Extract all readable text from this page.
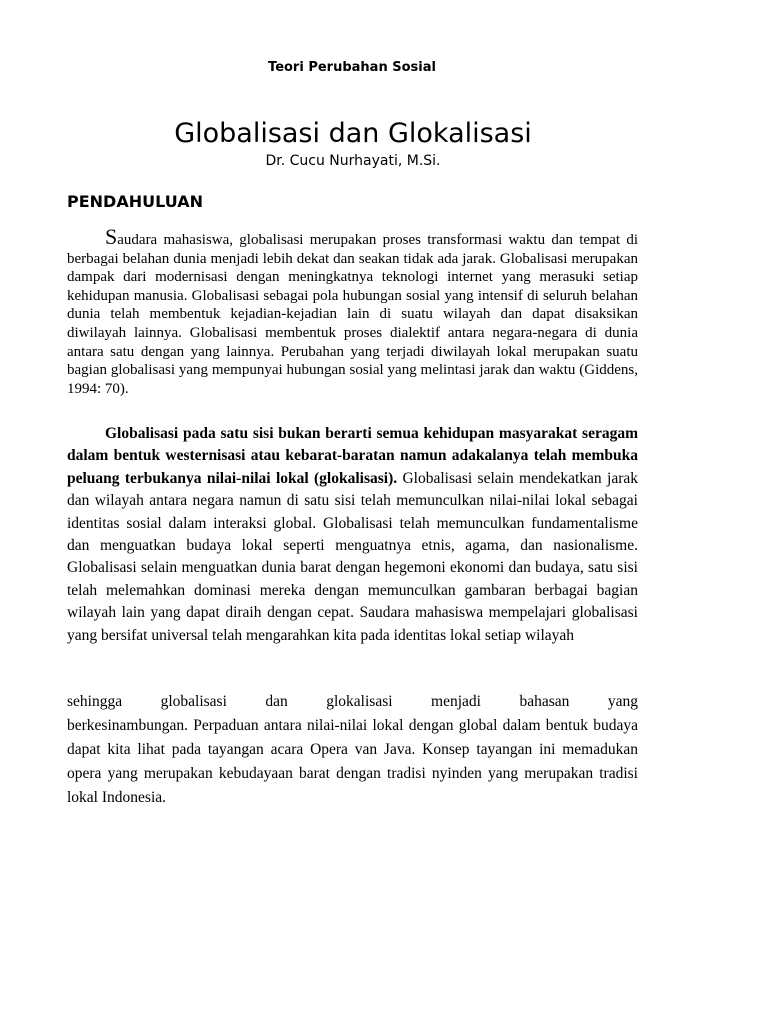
Teori Perubahan Sosial
Globalisasi dan Glokalisasi
Dr. Cucu Nurhayati, M.Si.
PENDAHULUAN

Saudara mahasiswa, globalisasi merupakan proses transformasi waktu dan tempat di berbagai belahan dunia menjadi lebih dekat dan seakan tidak ada jarak. Globalisasi merupakan dampak dari modernisasi dengan meningkatnya teknologi internet yang merasuki setiap kehidupan manusia. Globalisasi sebagai pola hubungan sosial yang intensif di seluruh belahan dunia telah membentuk kejadian-kejadian lain di suatu wilayah dan dapat disaksikan diwilayah lainnya. Globalisasi membentuk proses dialektif antara negara-negara di dunia antara satu dengan yang lainnya. Perubahan yang terjadi diwilayah lokal merupakan suatu bagian globalisasi yang mempunyai hubungan sosial yang melintasi jarak dan waktu (Giddens, 1994: 70).

Globalisasi pada satu sisi bukan berarti semua kehidupan masyarakat seragam dalam bentuk westernisasi atau kebarat-baratan namun adakalanya telah membuka peluang terbukanya nilai-nilai lokal (glokalisasi). Globalisasi selain mendekatkan jarak dan wilayah antara negara namun di satu sisi telah memunculkan nilai-nilai lokal sebagai identitas sosial dalam interaksi global. Globalisasi telah memunculkan fundamentalisme dan menguatkan budaya lokal seperti menguatnya etnis, agama, dan nasionalisme. Globalisasi selain menguatkan dunia barat dengan hegemoni ekonomi dan budaya, satu sisi telah melemahkan dominasi mereka dengan memunculkan gambaran berbagai bagian wilayah lain yang dapat diraih dengan cepat. Saudara mahasiswa mempelajari globalisasi yang bersifat universal telah mengarahkan kita pada identitas lokal setiap wilayah

sehingga globalisasi dan glokalisasi menjadi bahasan yang
berkesinambungan. Perpaduan antara nilai-nilai lokal dengan global dalam bentuk budaya dapat kita lihat pada tayangan acara Opera van Java. Konsep tayangan ini memadukan opera yang merupakan kebudayaan barat dengan tradisi nyinden yang merupakan tradisi lokal Indonesia.
